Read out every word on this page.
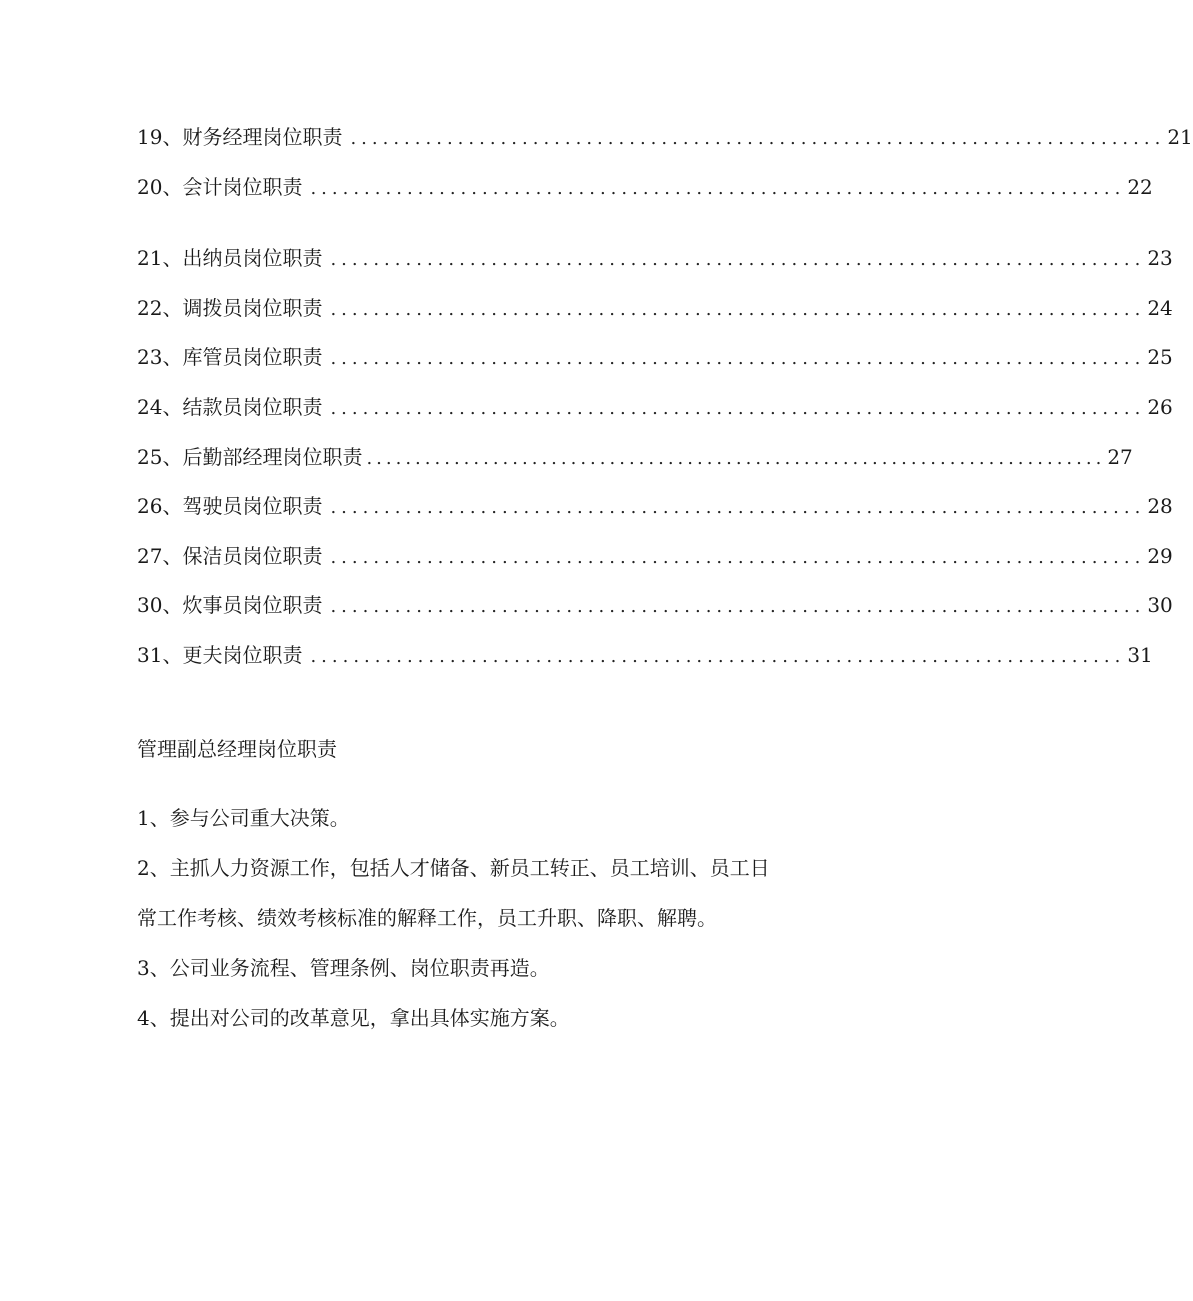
19、 财务经理岗位职责 ............................................................................ 21
20、 会计岗位职责 ............................................................................ 22
21、 出纳员岗位职责 ............................................................................ 23
22、 调拨员岗位职责 ............................................................................ 24
23、 库管员岗位职责 ............................................................................ 25
24、 结款员岗位职责 ............................................................................ 26
25、 后勤部经理岗位职责 ............................................................................ 27
26、 驾驶员岗位职责 ............................................................................ 28
27、 保洁员岗位职责 ............................................................................ 29
30、 炊事员岗位职责 ............................................................................ 30
31、 更夫岗位职责 ............................................................................ 31
管理副总经理岗位职责
1、参与公司重大决策。
2、主抓人力资源工作，包括人才储备、新员工转正、员工培训、员工日常工作考核、绩效考核标准的解释工作，员工升职、降职、解聘。
3、公司业务流程、管理条例、岗位职责再造。
4、提出对公司的改革意见，拿出具体实施方案。
